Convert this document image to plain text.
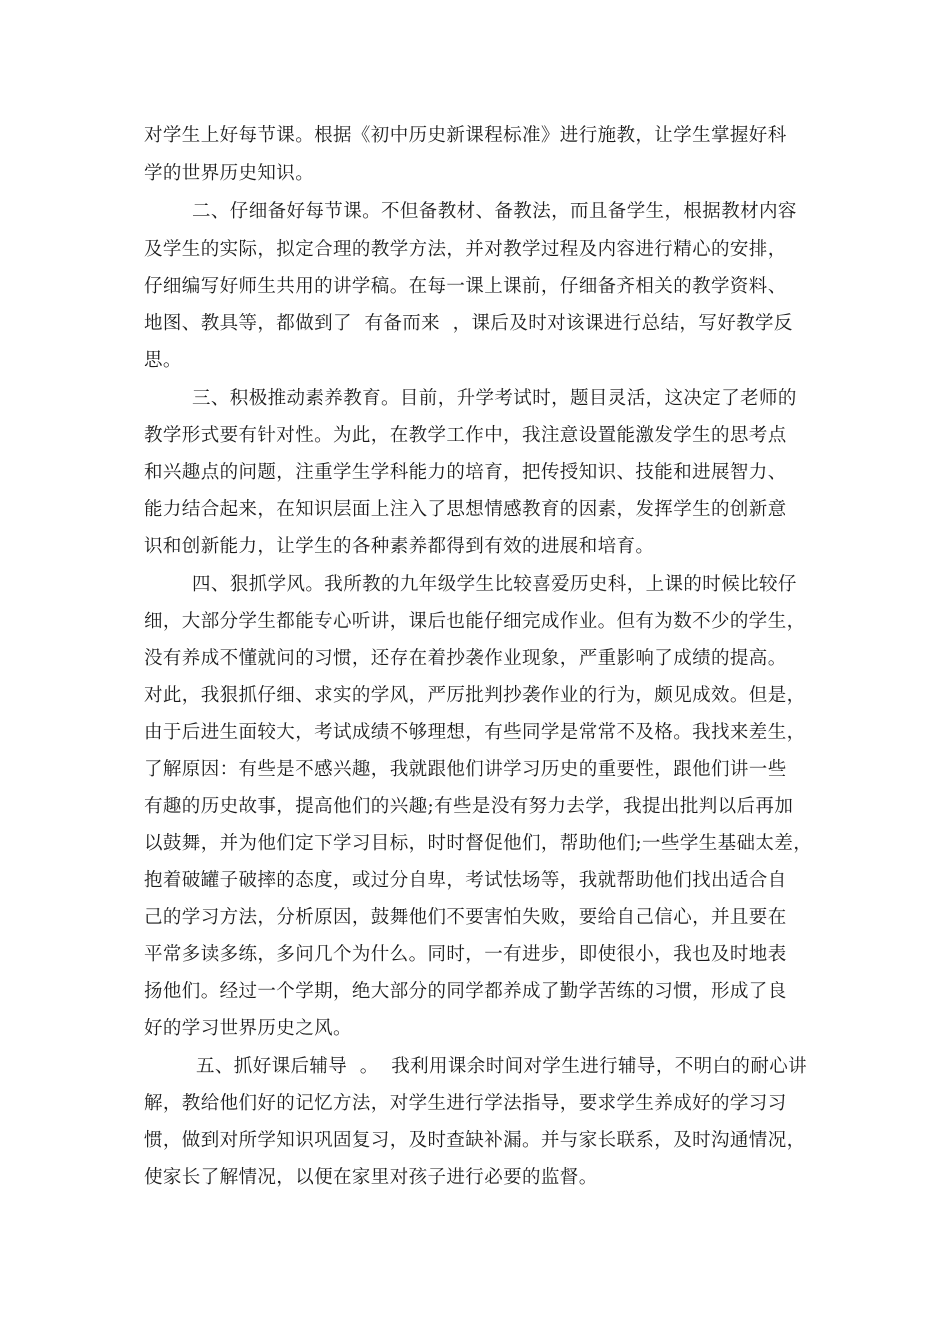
对学生上好每节课。根据《初中历史新课程标准》进行施教，让学生掌握好科
学的世界历史知识。
二、仔细备好每节课。不但备教材、备教法，而且备学生，根据教材内容
及学生的实际，拟定合理的教学方法，并对教学过程及内容进行精心的安排，
仔细编写好师生共用的讲学稿。在每一课上课前，仔细备齐相关的教学资料、
地图、教具等，都做到了  有备而来  ，课后及时对该课进行总结，写好教学反
思。
三、积极推动素养教育。目前，升学考试时，题目灵活，这决定了老师的
教学形式要有针对性。为此，在教学工作中，我注意设置能激发学生的思考点
和兴趣点的问题，注重学生学科能力的培育，把传授知识、技能和进展智力、
能力结合起来，在知识层面上注入了思想情感教育的因素，发挥学生的创新意
识和创新能力，让学生的各种素养都得到有效的进展和培育。
四、狠抓学风。我所教的九年级学生比较喜爱历史科，上课的时候比较仔
细，大部分学生都能专心听讲，课后也能仔细完成作业。但有为数不少的学生，
没有养成不懂就问的习惯，还存在着抄袭作业现象，严重影响了成绩的提高。
对此，我狠抓仔细、求实的学风，严厉批判抄袭作业的行为，颇见成效。但是，
由于后进生面较大，考试成绩不够理想，有些同学是常常不及格。我找来差生，
了解原因：有些是不感兴趣，我就跟他们讲学习历史的重要性，跟他们讲一些
有趣的历史故事，提高他们的兴趣;有些是没有努力去学，我提出批判以后再加
以鼓舞，并为他们定下学习目标，时时督促他们，帮助他们;一些学生基础太差，
抱着破罐子破摔的态度，或过分自卑，考试怯场等，我就帮助他们找出适合自
己的学习方法，分析原因，鼓舞他们不要害怕失败，要给自己信心，并且要在
平常多读多练，多问几个为什么。同时，一有进步，即使很小，我也及时地表
扬他们。经过一个学期，绝大部分的同学都养成了勤学苦练的习惯，形成了良
好的学习世界历史之风。
五、抓好课后辅导  。  我利用课余时间对学生进行辅导，不明白的耐心讲
解，教给他们好的记忆方法，对学生进行学法指导，要求学生养成好的学习习
惯，做到对所学知识巩固复习，及时查缺补漏。并与家长联系，及时沟通情况，
使家长了解情况，以便在家里对孩子进行必要的监督。
